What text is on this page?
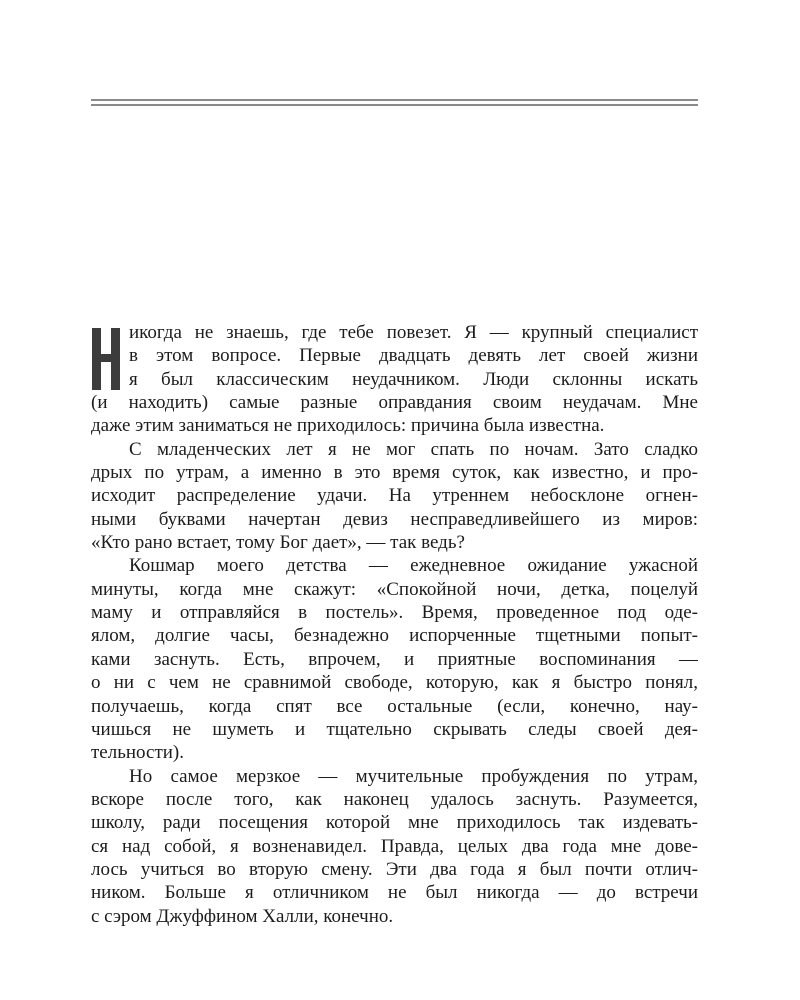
икогда не знаешь, где тебе повезет. Я — крупный специалист
в этом вопросе. Первые двадцать девять лет своей жизни
я был классическим неудачником. Люди склонны искать
(и находить) самые разные оправдания своим неудачам. Мне
даже этим заниматься не приходилось: причина была известна.
С младенческих лет я не мог спать по ночам. Зато сладко
дрых по утрам, а именно в это время суток, как известно, и про-
исходит распределение удачи. На утреннем небосклоне огнен-
ными буквами начертан девиз несправедливейшего из миров:
«Кто рано встает, тому Бог дает», — так ведь?
Кошмар моего детства — ежедневное ожидание ужасной
минуты, когда мне скажут: «Спокойной ночи, детка, поцелуй
маму и отправляйся в постель». Время, проведенное под оде-
ялом, долгие часы, безнадежно испорченные тщетными попыт-
ками заснуть. Есть, впрочем, и приятные воспоминания —
о ни с чем не сравнимой свободе, которую, как я быстро понял,
получаешь, когда спят все остальные (если, конечно, нау-
чишься не шуметь и тщательно скрывать следы своей дея-
тельности).
Но самое мерзкое — мучительные пробуждения по утрам,
вскоре после того, как наконец удалось заснуть. Разумеется,
школу, ради посещения которой мне приходилось так издевать-
ся над собой, я возненавидел. Правда, целых два года мне дове-
лось учиться во вторую смену. Эти два года я был почти отлич-
ником. Больше я отличником не был никогда — до встречи
с сэром Джуффином Халли, конечно.
